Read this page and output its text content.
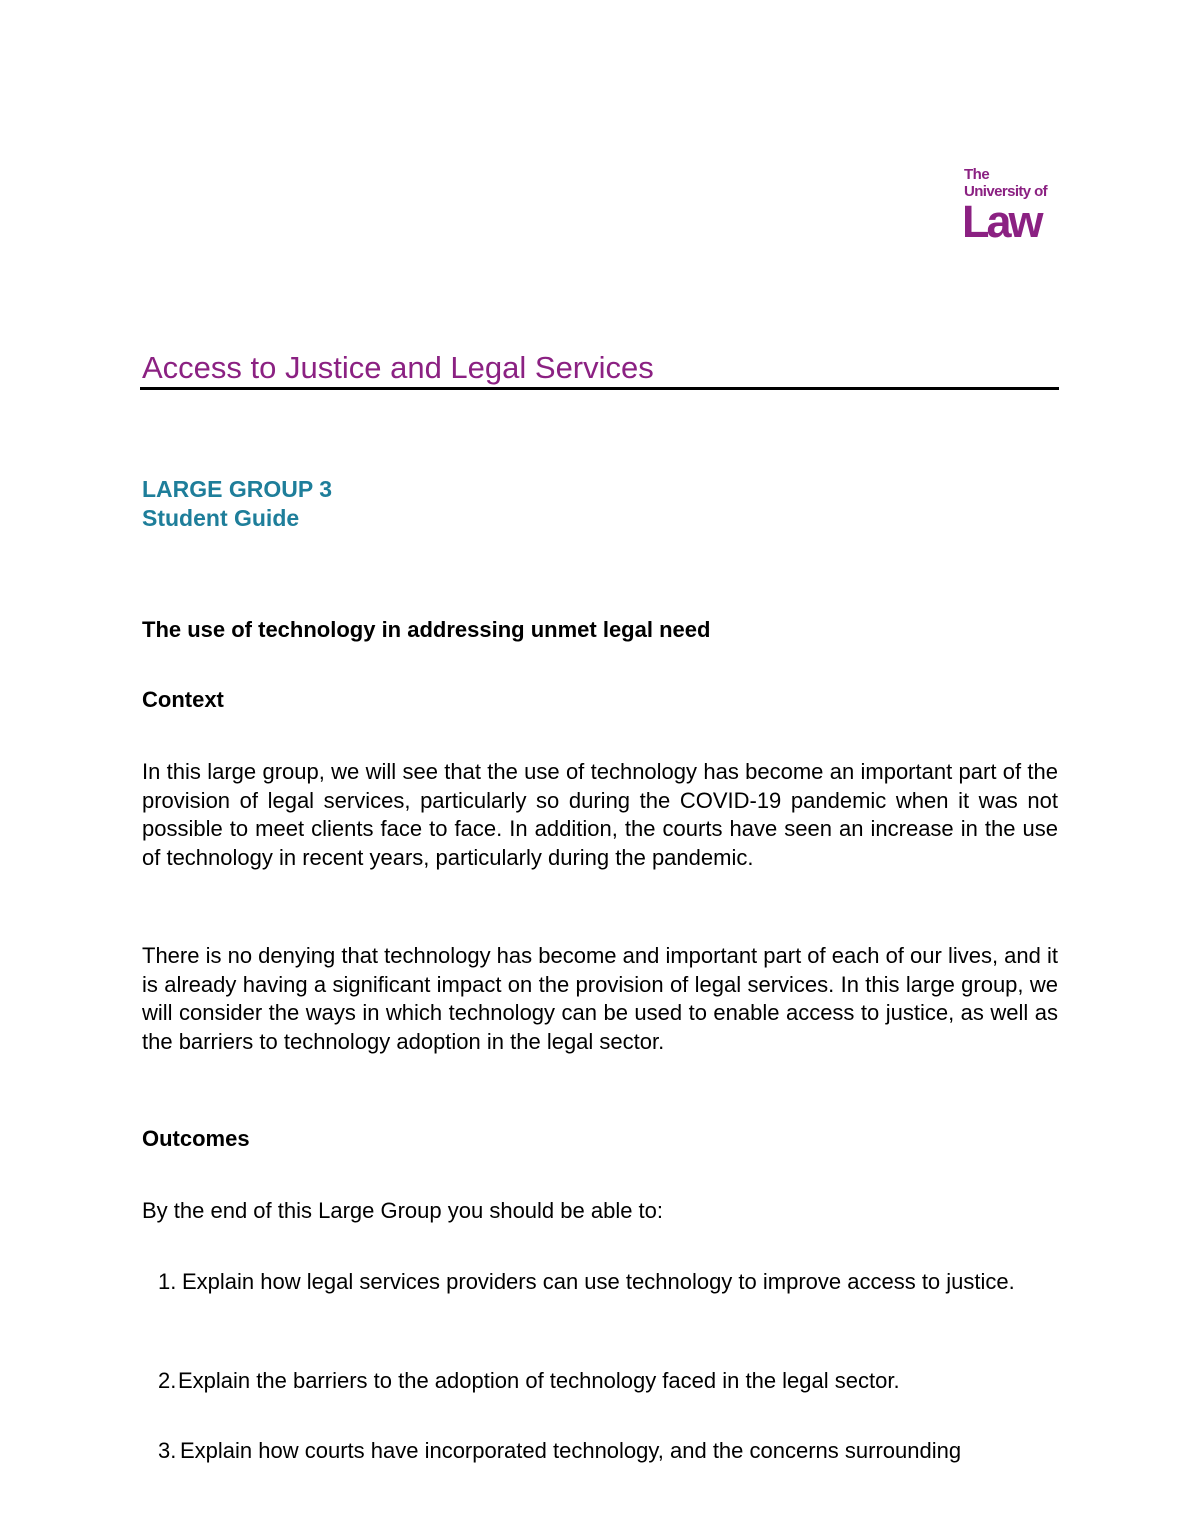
The
University of
Law
Access to Justice and Legal Services
LARGE GROUP 3
Student Guide
The use of technology in addressing unmet legal need
Context
In this large group, we will see that the use of technology has become an important part of the provision of legal services, particularly so during the COVID-19 pandemic when it was not possible to meet clients face to face. In addition, the courts have seen an increase in the use of technology in recent years, particularly during the pandemic.
There is no denying that technology has become and important part of each of our lives, and it is already having a significant impact on the provision of legal services. In this large group, we will consider the ways in which technology can be used to enable access to justice, as well as the barriers to technology adoption in the legal sector.
Outcomes
By the end of this Large Group you should be able to:
1. Explain how legal services providers can use technology to improve access to justice.
2. Explain the barriers to the adoption of technology faced in the legal sector.
3. Explain how courts have incorporated technology, and the concerns surrounding
